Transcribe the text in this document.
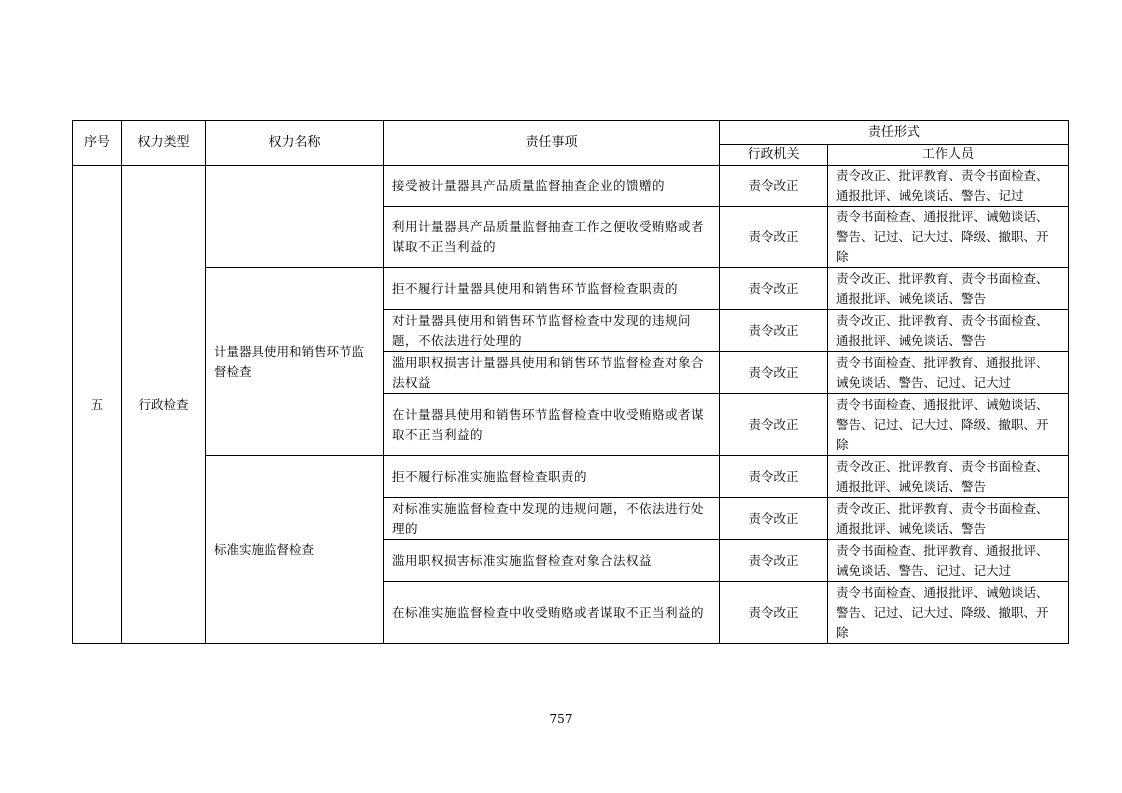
序号	权力类型	权力名称	责任事项	责任形式	
				行政机关	工作人员
五	行政检查		接受被计量器具产品质量监督抽查企业的馈赠的	责令改正	责令改正、批评教育、责令书面检查、通报批评、诫免谈话、警告、记过
			利用计量器具产品质量监督抽查工作之便收受贿赂或者谋取不正当利益的	责令改正	责令书面检查、通报批评、诫勉谈话、警告、记过、记大过、降级、撤职、开除
		计量器具使用和销售环节监督检查	拒不履行计量器具使用和销售环节监督检查职责的	责令改正	责令改正、批评教育、责令书面检查、通报批评、诫免谈话、警告
			对计量器具使用和销售环节监督检查中发现的违规问题，不依法进行处理的	责令改正	责令改正、批评教育、责令书面检查、通报批评、诫免谈话、警告
			滥用职权损害计量器具使用和销售环节监督检查对象合法权益	责令改正	责令书面检查、批评教育、通报批评、诫免谈话、警告、记过、记大过
			在计量器具使用和销售环节监督检查中收受贿赂或者谋取不正当利益的	责令改正	责令书面检查、通报批评、诫勉谈话、警告、记过、记大过、降级、撤职、开除
		标准实施监督检查	拒不履行标准实施监督检查职责的	责令改正	责令改正、批评教育、责令书面检查、通报批评、诫免谈话、警告
			对标准实施监督检查中发现的违规问题，不依法进行处理的	责令改正	责令改正、批评教育、责令书面检查、通报批评、诫免谈话、警告
			滥用职权损害标准实施监督检查对象合法权益	责令改正	责令书面检查、批评教育、通报批评、诫免谈话、警告、记过、记大过
			在标准实施监督检查中收受贿赂或者谋取不正当利益的	责令改正	责令书面检查、通报批评、诫勉谈话、警告、记过、记大过、降级、撤职、开除
757
